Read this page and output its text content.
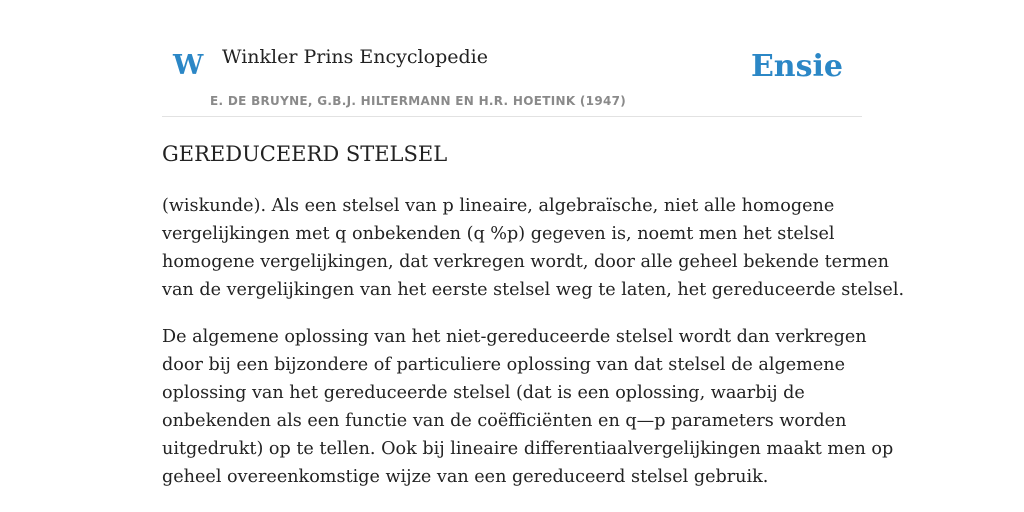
W Winkler Prins Encyclopedie
E. DE BRUYNE, G.B.J. HILTERMANN EN H.R. HOETINK (1947)
Ensie
GEREDUCEERD STELSEL

(wiskunde). Als een stelsel van p lineaire, algebraïsche, niet alle homogene
vergelijkingen met q onbekenden (q %p) gegeven is, noemt men het stelsel
homogene vergelijkingen, dat verkregen wordt, door alle geheel bekende termen
van de vergelijkingen van het eerste stelsel weg te laten, het gereduceerde stelsel.

De algemene oplossing van het niet-gereduceerde stelsel wordt dan verkregen
door bij een bijzondere of particuliere oplossing van dat stelsel de algemene
oplossing van het gereduceerde stelsel (dat is een oplossing, waarbij de
onbekenden als een functie van de coëfficiënten en q—p parameters worden
uitgedrukt) op te tellen. Ook bij lineaire differentiaalvergelijkingen maakt men op
geheel overeenkomstige wijze van een gereduceerd stelsel gebruik.
